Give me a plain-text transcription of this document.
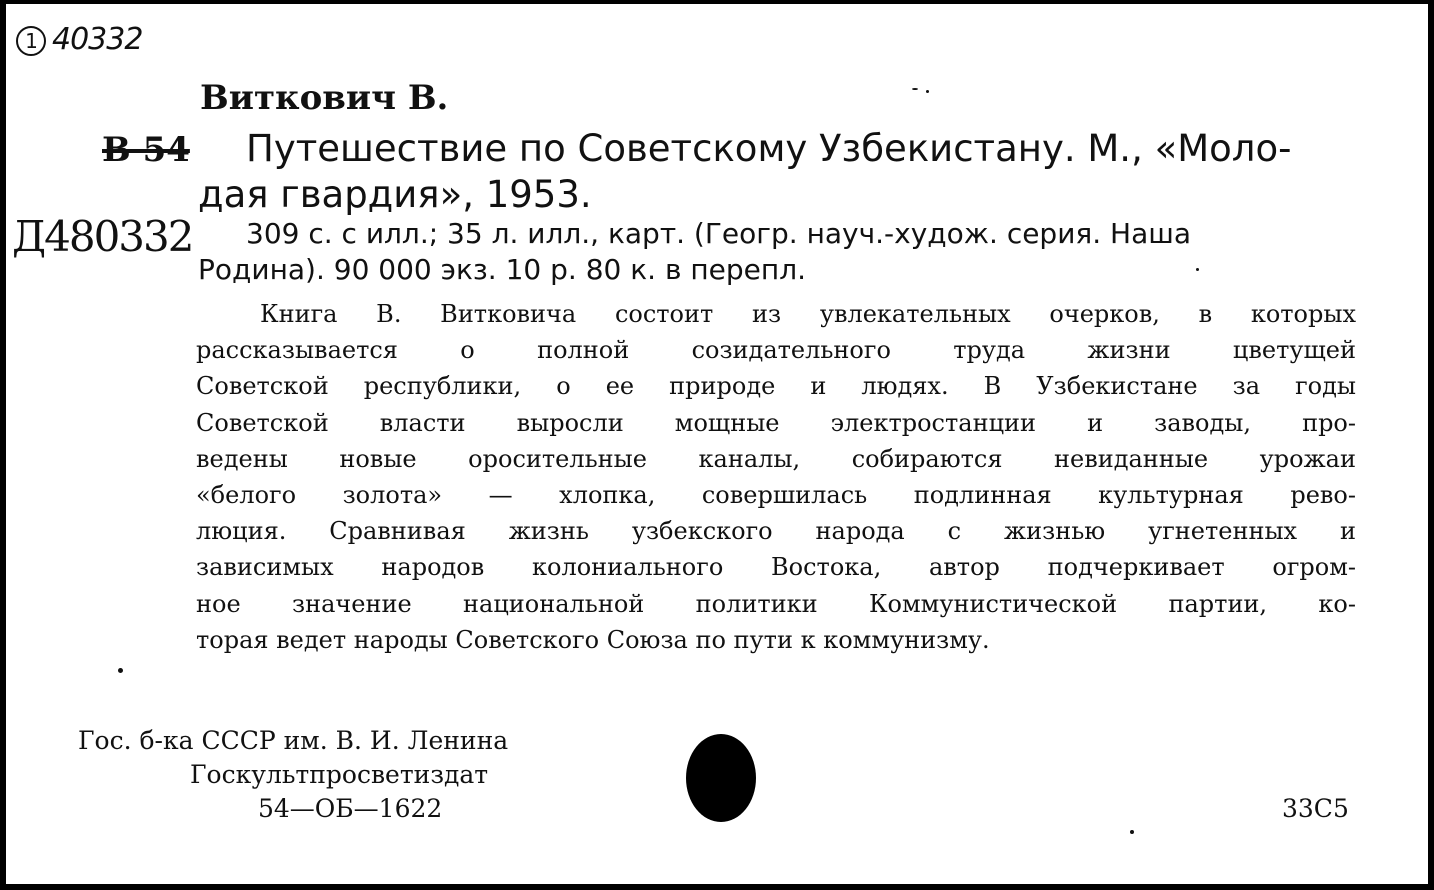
1 40332
Виткович В.
В 54	Путешествие по Советскому Узбекистану. М., «Моло-
дая гвардия», 1953.
Д480332	309 с. с илл.; 35 л. илл., карт. (Геогр. науч.-худож. серия. Наша
Родина). 90 000 экз. 10 р. 80 к. в перепл.
Книга В. Витковича состоит из увлекательных очерков, в которых
рассказывается о полной созидательного труда жизни цветущей
Советской республики, о ее природе и людях. В Узбекистане за годы
Советской власти выросли мощные электростанции и заводы, про-
ведены новые оросительные каналы, собираются невиданные урожаи
«белого золота» — хлопка, совершилась подлинная культурная рево-
люция. Сравнивая жизнь узбекского народа с жизнью угнетенных и
зависимых народов колониального Востока, автор подчеркивает огром-
ное значение национальной политики Коммунистической партии, ко-
торая ведет народы Советского Союза по пути к коммунизму.
Гос. б-ка СССР им. В. И. Ленина
Госкультпросветиздат
54—ОБ—1622	33С5
